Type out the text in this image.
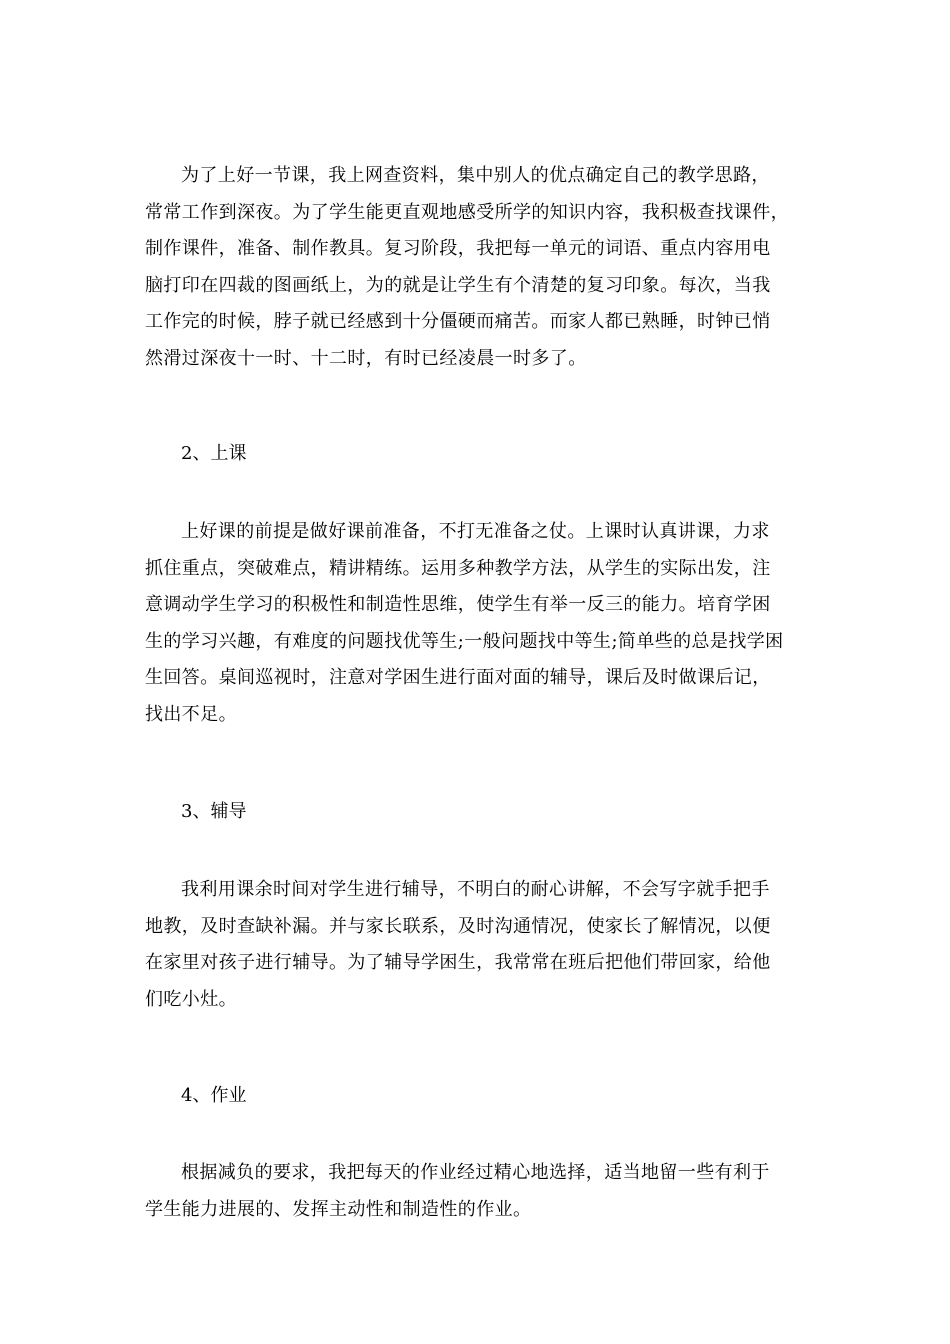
为了上好一节课，我上网查资料，集中别人的优点确定自己的教学思路，
常常工作到深夜。为了学生能更直观地感受所学的知识内容，我积极查找课件，
制作课件，准备、制作教具。复习阶段，我把每一单元的词语、重点内容用电
脑打印在四裁的图画纸上，为的就是让学生有个清楚的复习印象。每次，当我
工作完的时候，脖子就已经感到十分僵硬而痛苦。而家人都已熟睡，时钟已悄
然滑过深夜十一时、十二时，有时已经凌晨一时多了。
2、上课
上好课的前提是做好课前准备，不打无准备之仗。上课时认真讲课，力求
抓住重点，突破难点，精讲精练。运用多种教学方法，从学生的实际出发，注
意调动学生学习的积极性和制造性思维，使学生有举一反三的能力。培育学困
生的学习兴趣，有难度的问题找优等生;一般问题找中等生;简单些的总是找学困
生回答。桌间巡视时，注意对学困生进行面对面的辅导，课后及时做课后记，
找出不足。
3、辅导
我利用课余时间对学生进行辅导，不明白的耐心讲解，不会写字就手把手
地教，及时查缺补漏。并与家长联系，及时沟通情况，使家长了解情况，以便
在家里对孩子进行辅导。为了辅导学困生，我常常在班后把他们带回家，给他
们吃小灶。
4、作业
根据减负的要求，我把每天的作业经过精心地选择，适当地留一些有利于
学生能力进展的、发挥主动性和制造性的作业。
